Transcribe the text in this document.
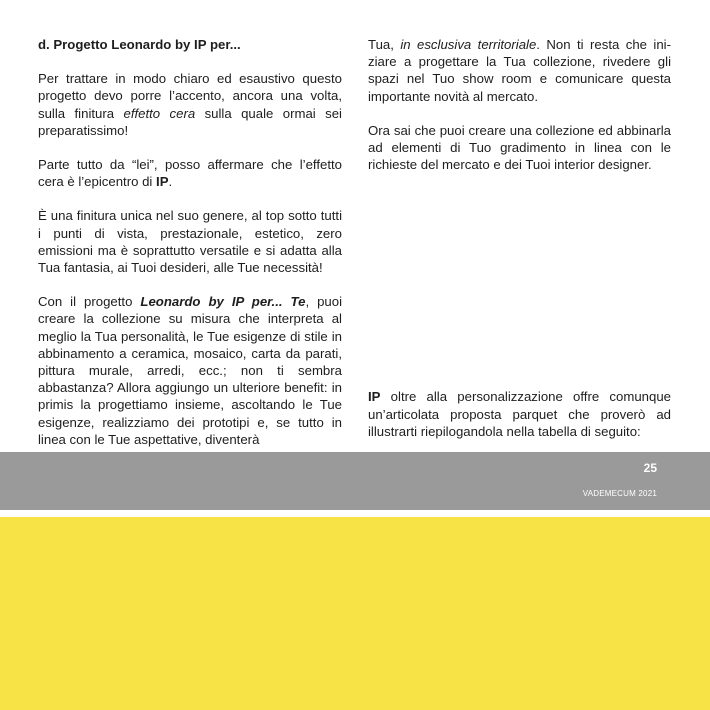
d. Progetto Leonardo by IP per...

Per trattare in modo chiaro ed esaustivo questo progetto devo porre l’accento, ancora una volta, sulla finitura effetto cera sulla quale ormai sei preparatissimo!

Parte tutto da “lei”, posso affermare che l’effetto cera è l’epicentro di IP.

È una finitura unica nel suo genere, al top sotto tutti i punti di vista, prestazionale, estetico, zero emissioni ma è soprattutto versatile e si adatta alla Tua fantasia, ai Tuoi desideri, alle Tue necessità!

Con il progetto Leonardo by IP per... Te, puoi creare la collezione su misura che interpreta al meglio la Tua personalità, le Tue esigenze di stile in abbinamento a ceramica, mosaico, carta da parati, pittura murale, arredi, ecc.; non ti sembra abbastanza? Allora aggiungo un ulteriore benefit: in primis la progettiamo insieme, ascoltando le Tue esigenze, realizziamo dei prototipi e, se tutto in linea con le Tue aspettative, diventerà

Tua, in esclusiva territoriale. Non ti resta che iniziare a progettare la Tua collezione, rivedere gli spazi nel Tuo show room e comunicare questa importante novità al mercato.

Ora sai che puoi creare una collezione ed abbinarla ad elementi di Tuo gradimento in linea con le richieste del mercato e dei Tuoi interior designer.

IP oltre alla personalizzazione offre comunque un’articolata proposta parquet che proverò ad illustrarti riepilogandola nella tabella di seguito:

25
VADEMECUM 2021
